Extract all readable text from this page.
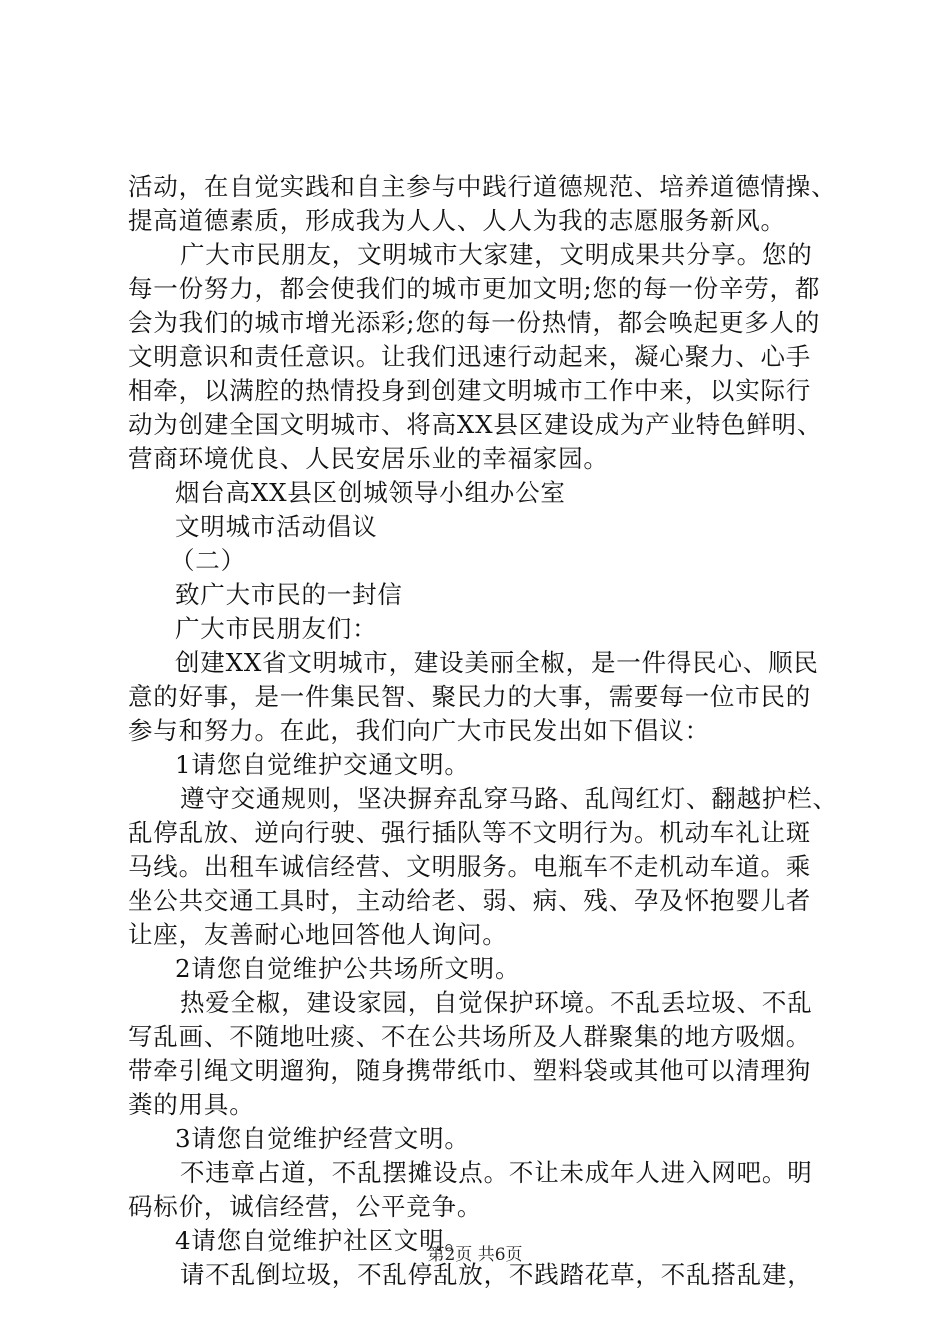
活动，在自觉实践和自主参与中践行道德规范、培养道德情操、
提高道德素质，形成我为人人、人人为我的志愿服务新风。
广大市民朋友，文明城市大家建，文明成果共分享。您的
每一份努力，都会使我们的城市更加文明;您的每一份辛劳，都
会为我们的城市增光添彩;您的每一份热情，都会唤起更多人的
文明意识和责任意识。让我们迅速行动起来，凝心聚力、心手
相牵，以满腔的热情投身到创建文明城市工作中来，以实际行
动为创建全国文明城市、将高XX县区建设成为产业特色鲜明、
营商环境优良、人民安居乐业的幸福家园。
烟台高XX县区创城领导小组办公室
文明城市活动倡议
（二）
致广大市民的一封信
广大市民朋友们：
创建XX省文明城市，建设美丽全椒，是一件得民心、顺民
意的好事，是一件集民智、聚民力的大事，需要每一位市民的
参与和努力。在此，我们向广大市民发出如下倡议：
1请您自觉维护交通文明。
遵守交通规则，坚决摒弃乱穿马路、乱闯红灯、翻越护栏、
乱停乱放、逆向行驶、强行插队等不文明行为。机动车礼让斑
马线。出租车诚信经营、文明服务。电瓶车不走机动车道。乘
坐公共交通工具时，主动给老、弱、病、残、孕及怀抱婴儿者
让座，友善耐心地回答他人询问。
2请您自觉维护公共场所文明。
热爱全椒，建设家园，自觉保护环境。不乱丢垃圾、不乱
写乱画、不随地吐痰、不在公共场所及人群聚集的地方吸烟。
带牵引绳文明遛狗，随身携带纸巾、塑料袋或其他可以清理狗
粪的用具。
3请您自觉维护经营文明。
不违章占道，不乱摆摊设点。不让未成年人进入网吧。明
码标价，诚信经营，公平竞争。
4请您自觉维护社区文明。
请不乱倒垃圾，不乱停乱放，不践踏花草，不乱搭乱建，
第2页 共6页
